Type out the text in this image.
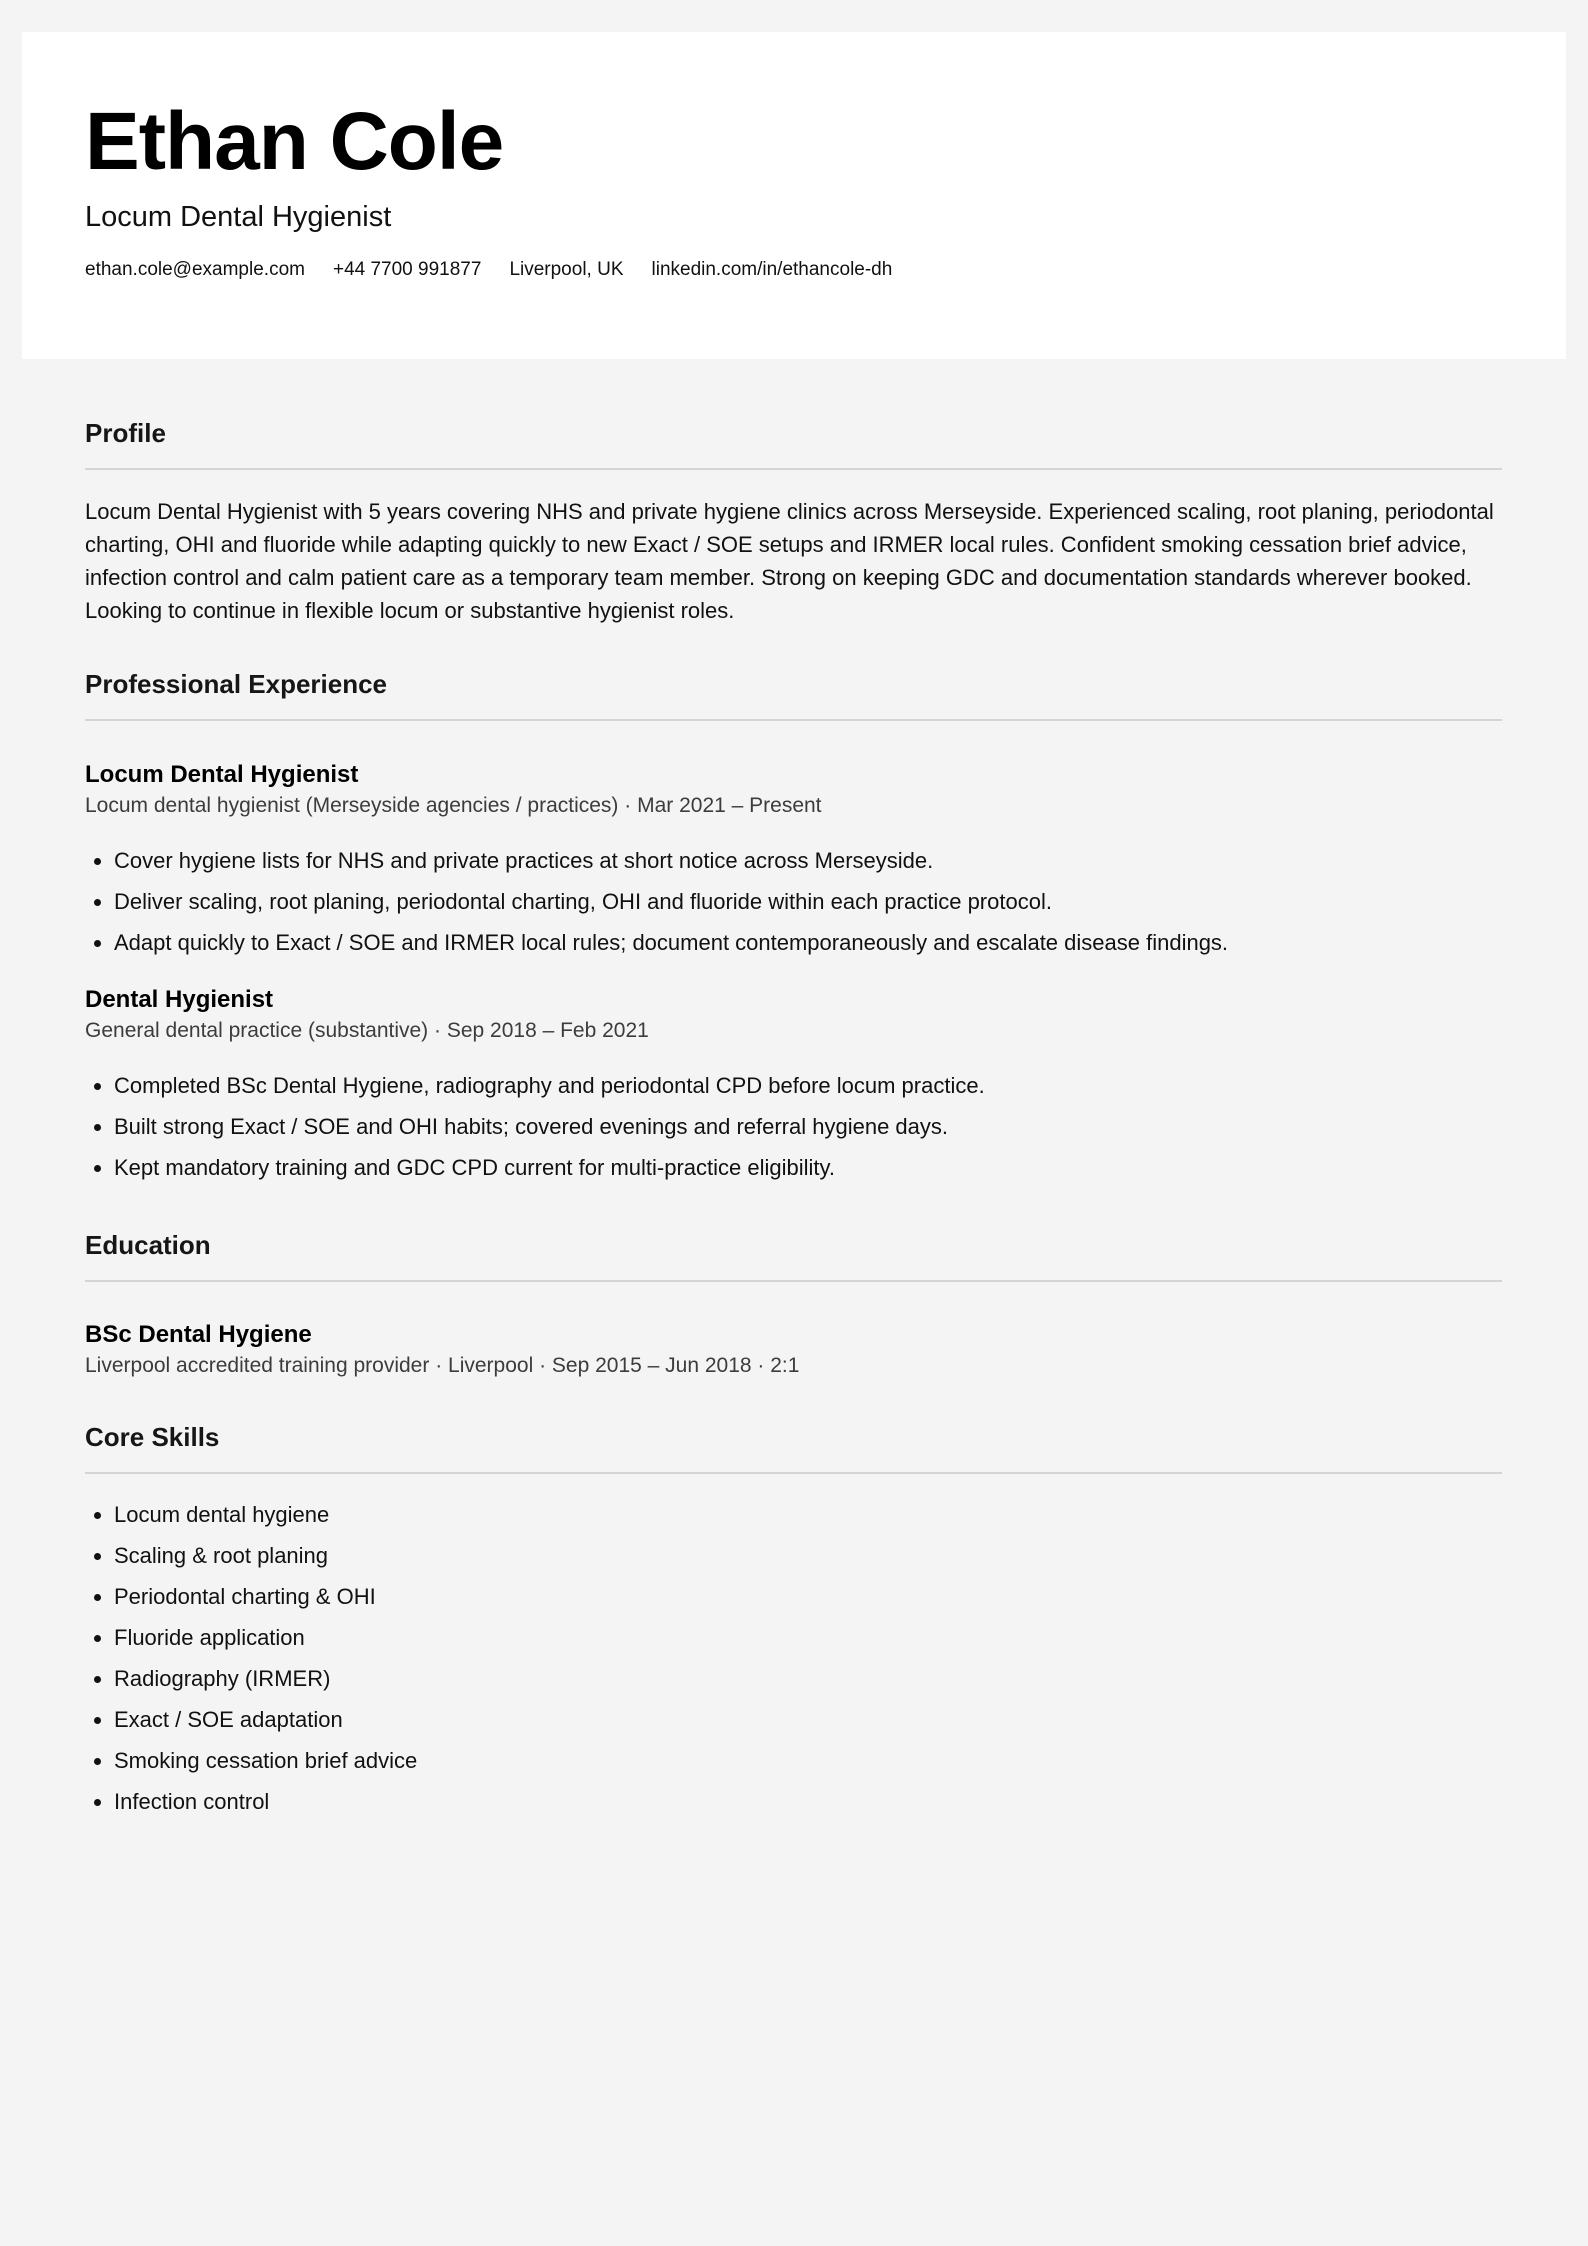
Ethan Cole
Locum Dental Hygienist
ethan.cole@example.com +44 7700 991877 Liverpool, UK linkedin.com/in/ethancole-dh
Profile

Locum Dental Hygienist with 5 years covering NHS and private hygiene clinics across Merseyside. Experienced scaling, root planing, periodontal charting, OHI and fluoride while adapting quickly to new Exact / SOE setups and IRMER local rules. Confident smoking cessation brief advice, infection control and calm patient care as a temporary team member. Strong on keeping GDC and documentation standards wherever booked. Looking to continue in flexible locum or substantive hygienist roles.

Professional Experience
Locum Dental Hygienist
Locum dental hygienist (Merseyside agencies / practices) · Mar 2021 – Present
• Cover hygiene lists for NHS and private practices at short notice across Merseyside.
• Deliver scaling, root planing, periodontal charting, OHI and fluoride within each practice protocol.
• Adapt quickly to Exact / SOE and IRMER local rules; document contemporaneously and escalate disease findings.
Dental Hygienist
General dental practice (substantive) · Sep 2018 – Feb 2021
• Completed BSc Dental Hygiene, radiography and periodontal CPD before locum practice.
• Built strong Exact / SOE and OHI habits; covered evenings and referral hygiene days.
• Kept mandatory training and GDC CPD current for multi-practice eligibility.
Education
BSc Dental Hygiene
Liverpool accredited training provider · Liverpool · Sep 2015 – Jun 2018 · 2:1
Core Skills
• Locum dental hygiene
• Scaling & root planing
• Periodontal charting & OHI
• Fluoride application
• Radiography (IRMER)
• Exact / SOE adaptation
• Smoking cessation brief advice
• Infection control
